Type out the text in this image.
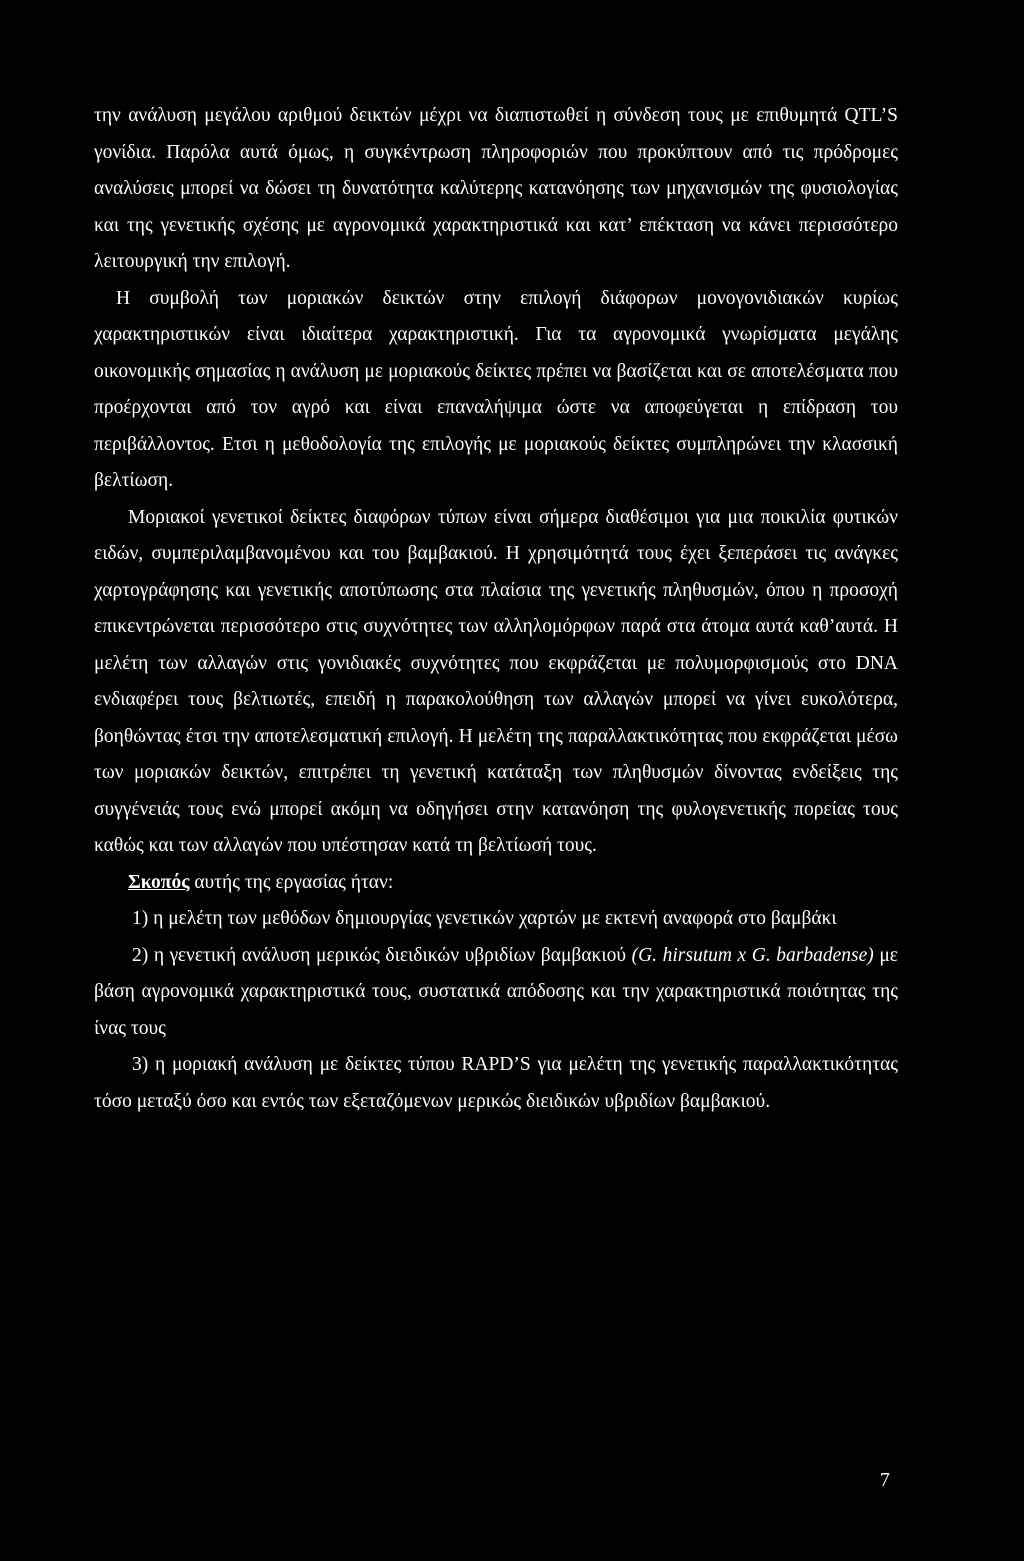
την ανάλυση μεγάλου αριθμού δεικτών μέχρι να διαπιστωθεί η σύνδεση τους με επιθυμητά QTL’S γονίδια. Παρόλα αυτά όμως, η συγκέντρωση πληροφοριών που προκύπτουν από τις πρόδρομες αναλύσεις μπορεί να δώσει τη δυνατότητα καλύτερης κατανόησης των μηχανισμών της φυσιολογίας και της γενετικής σχέσης με αγρονομικά χαρακτηριστικά και κατ’ επέκταση να κάνει περισσότερο λειτουργική την επιλογή.

Η συμβολή των μοριακών δεικτών στην επιλογή διάφορων μονογονιδιακών κυρίως χαρακτηριστικών είναι ιδιαίτερα χαρακτηριστική. Για τα αγρονομικά γνωρίσματα μεγάλης οικονομικής σημασίας η ανάλυση με μοριακούς δείκτες πρέπει να βασίζεται και σε αποτελέσματα που προέρχονται από τον αγρό και είναι επαναλήψιμα ώστε να αποφεύγεται η επίδραση του περιβάλλοντος. Ετσι η μεθοδολογία της επιλογής με μοριακούς δείκτες συμπληρώνει την κλασσική βελτίωση.

Μοριακοί γενετικοί δείκτες διαφόρων τύπων είναι σήμερα διαθέσιμοι για μια ποικιλία φυτικών ειδών, συμπεριλαμβανομένου και του βαμβακιού. Η χρησιμότητά τους έχει ξεπεράσει τις ανάγκες χαρτογράφησης και γενετικής αποτύπωσης στα πλαίσια της γενετικής πληθυσμών, όπου η προσοχή επικεντρώνεται περισσότερο στις συχνότητες των αλληλομόρφων παρά στα άτομα αυτά καθ’αυτά. Η μελέτη των αλλαγών στις γονιδιακές συχνότητες που εκφράζεται με πολυμορφισμούς στο DNA ενδιαφέρει τους βελτιωτές, επειδή η παρακολούθηση των αλλαγών μπορεί να γίνει ευκολότερα, βοηθώντας έτσι την αποτελεσματική επιλογή. Η μελέτη της παραλλακτικότητας που εκφράζεται μέσω των μοριακών δεικτών, επιτρέπει τη γενετική κατάταξη των πληθυσμών δίνοντας ενδείξεις της συγγένειάς τους ενώ μπορεί ακόμη να οδηγήσει στην κατανόηση της φυλογενετικής πορείας τους καθώς και των αλλαγών που υπέστησαν κατά τη βελτίωσή τους.

Σκοπός αυτής της εργασίας ήταν:

1) η μελέτη των μεθόδων δημιουργίας γενετικών χαρτών με εκτενή αναφορά στο βαμβάκι

2) η γενετική ανάλυση μερικώς διειδικών υβριδίων βαμβακιού (G. hirsutum x G. barbadense) με βάση αγρονομικά χαρακτηριστικά τους, συστατικά απόδοσης και την χαρακτηριστικά ποιότητας της ίνας τους

3) η μοριακή ανάλυση με δείκτες τύπου RAPD’S για μελέτη της γενετικής παραλλακτικότητας τόσο μεταξύ όσο και εντός των εξεταζόμενων μερικώς διειδικών υβριδίων βαμβακιού.

7
